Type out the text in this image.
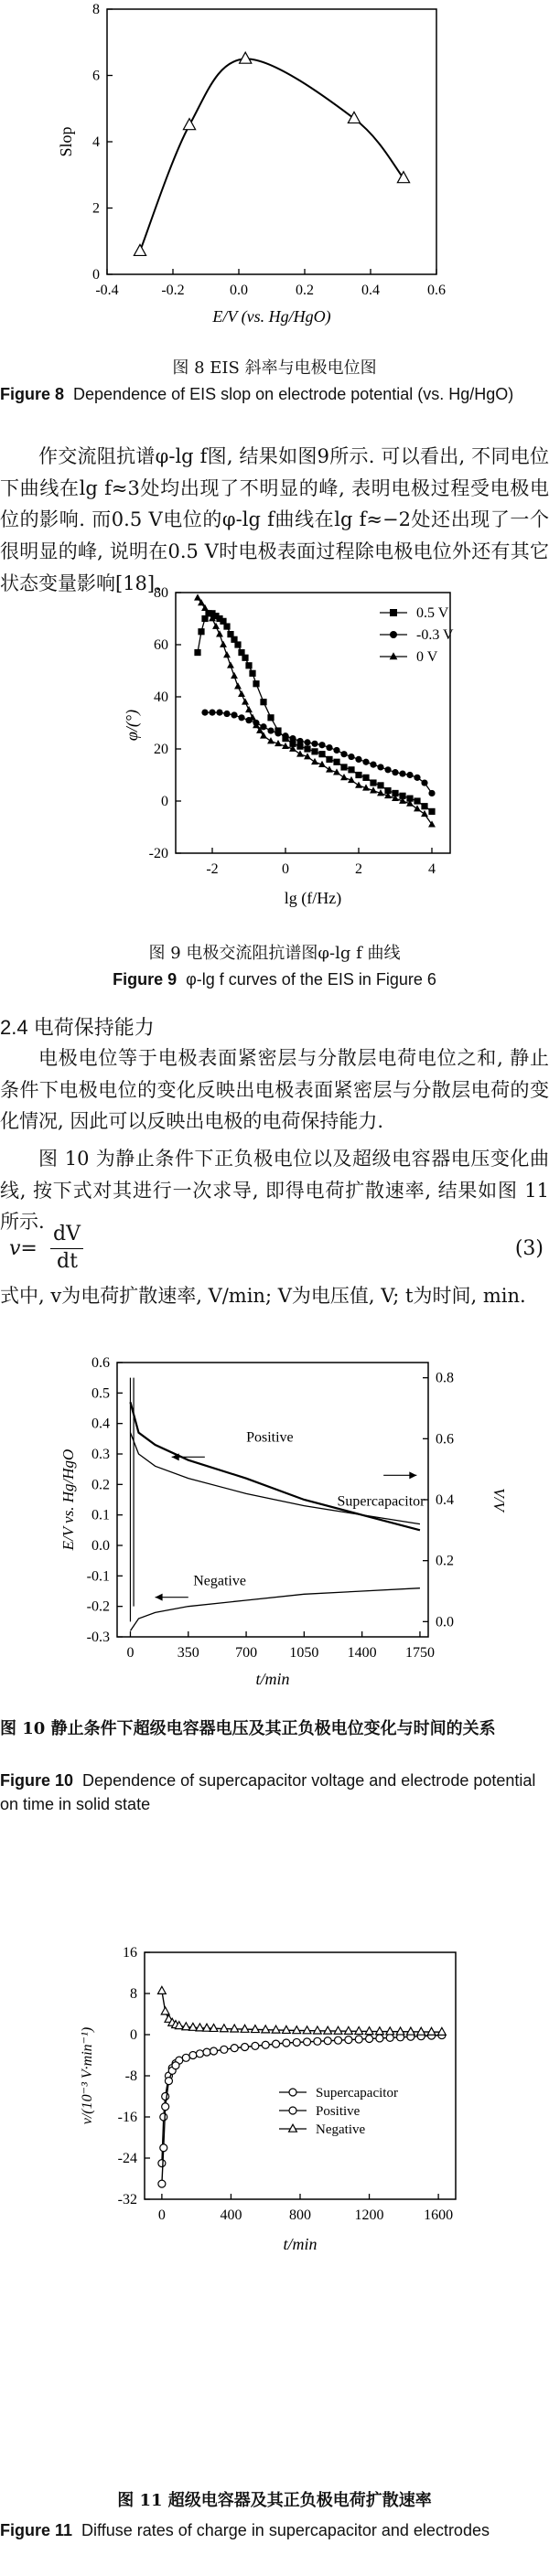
0
2
4
6
8
-0.4	-0.2	0.0	0.2	0.4	0.6
Slop
E/V (vs. Hg/HgO)
图 8 EIS 斜率与电极电位图
Figure 8 Dependence of EIS slop on electrode potential (vs. Hg/HgO)
作交流阻抗谱φ-lg f图, 结果如图9所示. 可以看出, 不同电位下曲线在lg f≈3处均出现了不明显的峰, 表明电极过程受电极电位的影响. 而0.5 V电位的φ-lg f曲线在lg f≈−2处还出现了一个很明显的峰, 说明在0.5 V时电极表面过程除电极电位外还有其它状态变量影响[18].
-20
0
20
40
60
80
-2	0	2	4
0.5 V
-0.3 V
0 V
φ/(°)
lg (f/Hz)
图 9 电极交流阻抗谱图φ-lg f 曲线
Figure 9 φ-lg f curves of the EIS in Figure 6
2.4 电荷保持能力
电极电位等于电极表面紧密层与分散层电荷电位之和, 静止条件下电极电位的变化反映出电极表面紧密层与分散层电荷的变化情况, 因此可以反映出电极的电荷保持能力.
图 10 为静止条件下正负极电位以及超级电容器电压变化曲线, 按下式对其进行一次求导, 即得电荷扩散速率, 结果如图 11 所示.
v=
dV
dt
(3)
式中, v为电荷扩散速率, V/min; V为电压值, V; t为时间, min.
-0.3
-0.2
-0.1
0.0
0.1
0.2
0.3
0.4
0.5
0.6
0.0
0.2
0.4
0.6
0.8
0	350 700 1050 1400 1750
Positive
Supercapacitor
Negative
E/V vs. Hg/HgO	V/V
t/min
图 10 静止条件下超级电容器电压及其正负极电位变化与时间的关系
Figure 10 Dependence of supercapacitor voltage and electrode potential on time in solid state
-32
-24
-16
-8
0
8
16
0	400	800	1200	1600
Supercapacitor
Positive
Negative
v/(10⁻³ V·min⁻¹)
t/min
图 11 超级电容器及其正负极电荷扩散速率
Figure 11 Diffuse rates of charge in supercapacitor and electrodes
